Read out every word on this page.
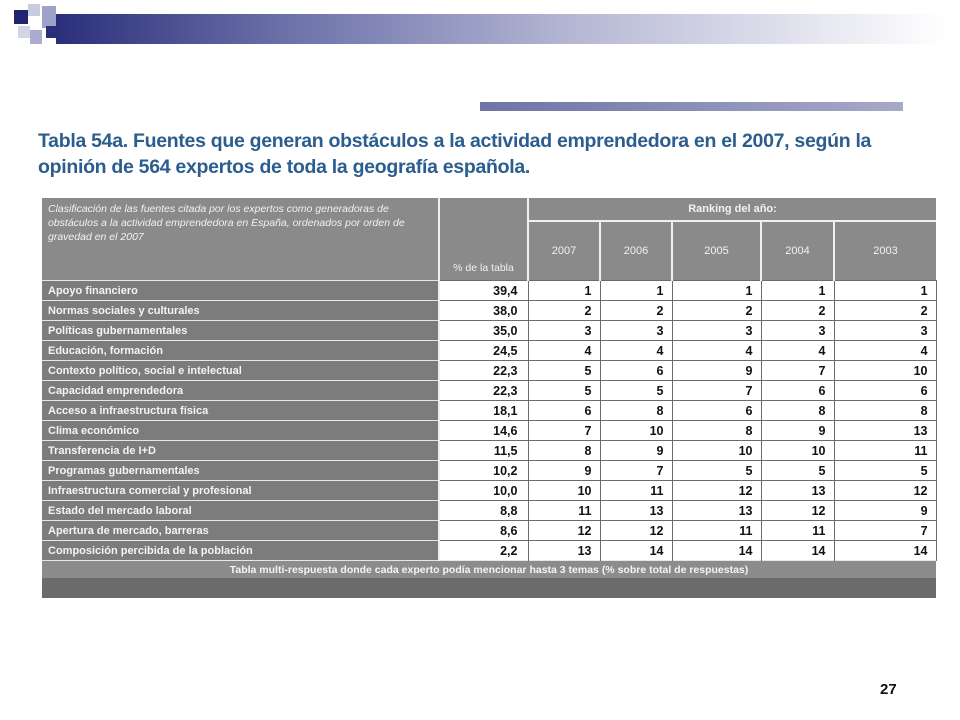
Tabla 54a. Fuentes que generan obstáculos a la actividad emprendedora en el 2007, según la opinión de 564 expertos de toda la geografía española.
Clasificación de las fuentes citada por los expertos como generadoras de obstáculos a la actividad emprendedora en España, ordenados por orden de gravedad en el 2007	% de la tabla	Ranking del año:				
		2007	2006	2005	2004	2003
Apoyo financiero	39,4	1	1	1	1	1
Normas sociales y culturales	38,0	2	2	2	2	2
Políticas gubernamentales	35,0	3	3	3	3	3
Educación, formación	24,5	4	4	4	4	4
Contexto político, social e intelectual	22,3	5	6	9	7	10
Capacidad emprendedora	22,3	5	5	7	6	6
Acceso a infraestructura física	18,1	6	8	6	8	8
Clima económico	14,6	7	10	8	9	13
Transferencia de I+D	11,5	8	9	10	10	11
Programas gubernamentales	10,2	9	7	5	5	5
Infraestructura comercial y profesional	10,0	10	11	12	13	12
Estado del mercado laboral	8,8	11	13	13	12	9
Apertura de mercado, barreras	8,6	12	12	11	11	7
Composición percibida de la población	2,2	13	14	14	14	14
Tabla multi-respuesta donde cada experto podía mencionar hasta 3 temas (% sobre total de respuestas)						
27
